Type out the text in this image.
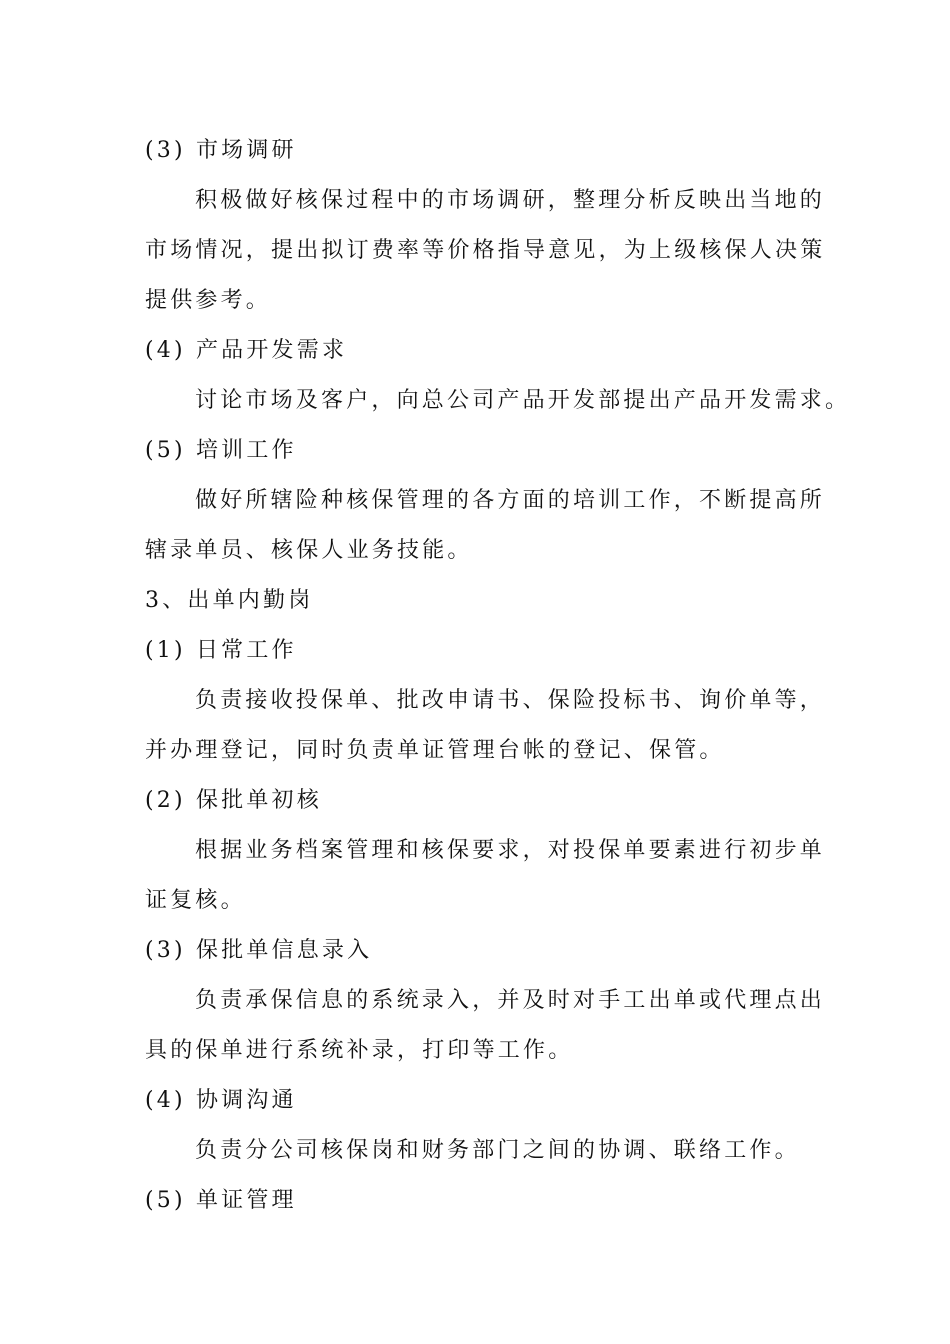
(3) 市场调研
积极做好核保过程中的市场调研，整理分析反映出当地的
市场情况，提出拟订费率等价格指导意见，为上级核保人决策
提供参考。
(4) 产品开发需求
讨论市场及客户，向总公司产品开发部提出产品开发需求。
(5) 培训工作
做好所辖险种核保管理的各方面的培训工作，不断提高所
辖录单员、核保人业务技能。
3、出单内勤岗
(1) 日常工作
负责接收投保单、批改申请书、保险投标书、询价单等，
并办理登记，同时负责单证管理台帐的登记、保管。
(2) 保批单初核
根据业务档案管理和核保要求，对投保单要素进行初步单
证复核。
(3) 保批单信息录入
负责承保信息的系统录入，并及时对手工出单或代理点出
具的保单进行系统补录，打印等工作。
(4) 协调沟通
负责分公司核保岗和财务部门之间的协调、联络工作。
(5) 单证管理
